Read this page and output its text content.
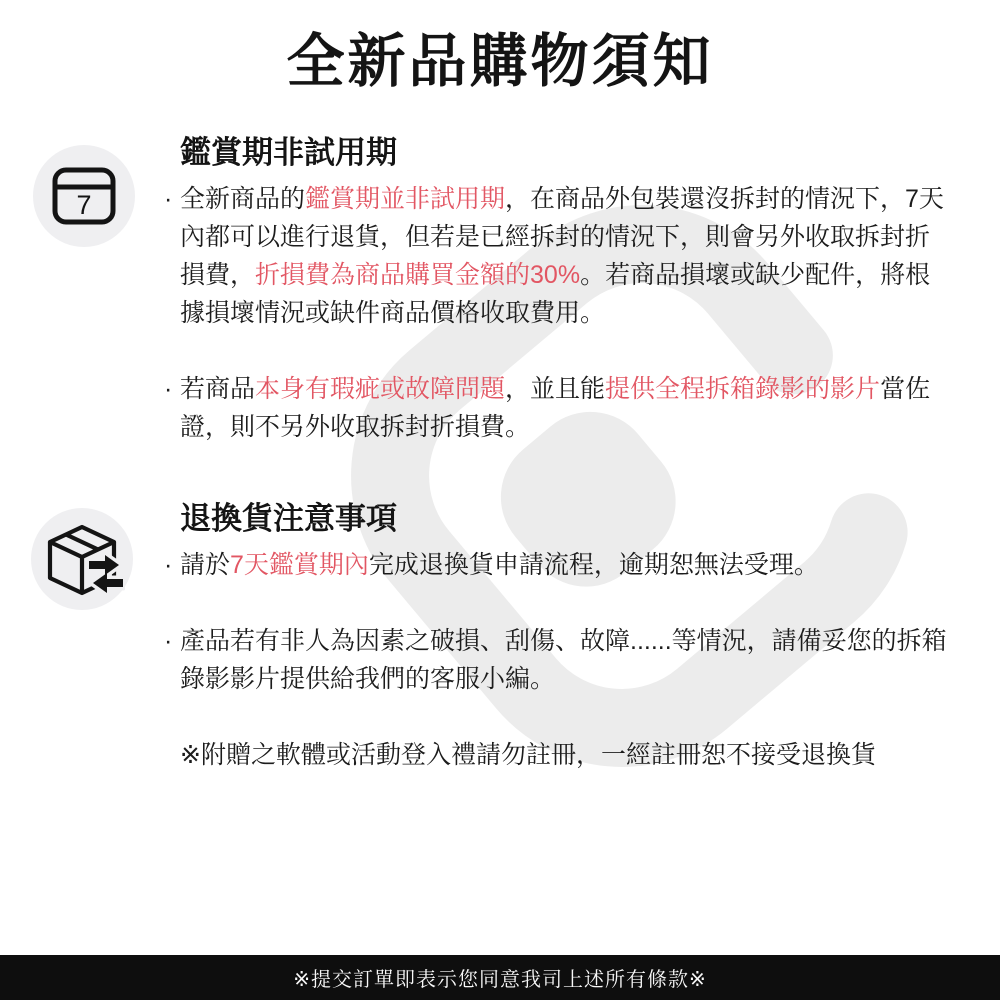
全新品購物須知
7
鑑賞期非試用期
· 全新商品的鑑賞期並非試用期，在商品外包裝還沒拆封的情況下，7天
內都可以進行退貨，但若是已經拆封的情況下，則會另外收取拆封折
損費，折損費為商品購買金額的30%。若商品損壞或缺少配件，將根
據損壞情況或缺件商品價格收取費用。
· 若商品本身有瑕疵或故障問題，並且能提供全程拆箱錄影的影片當佐
證，則不另外收取拆封折損費。
退換貨注意事項
· 請於7天鑑賞期內完成退換貨申請流程，逾期恕無法受理。
· 產品若有非人為因素之破損、刮傷、故障......等情況，請備妥您的拆箱
錄影影片提供給我們的客服小編。
※附贈之軟體或活動登入禮請勿註冊，一經註冊恕不接受退換貨
※提交訂單即表示您同意我司上述所有條款※
